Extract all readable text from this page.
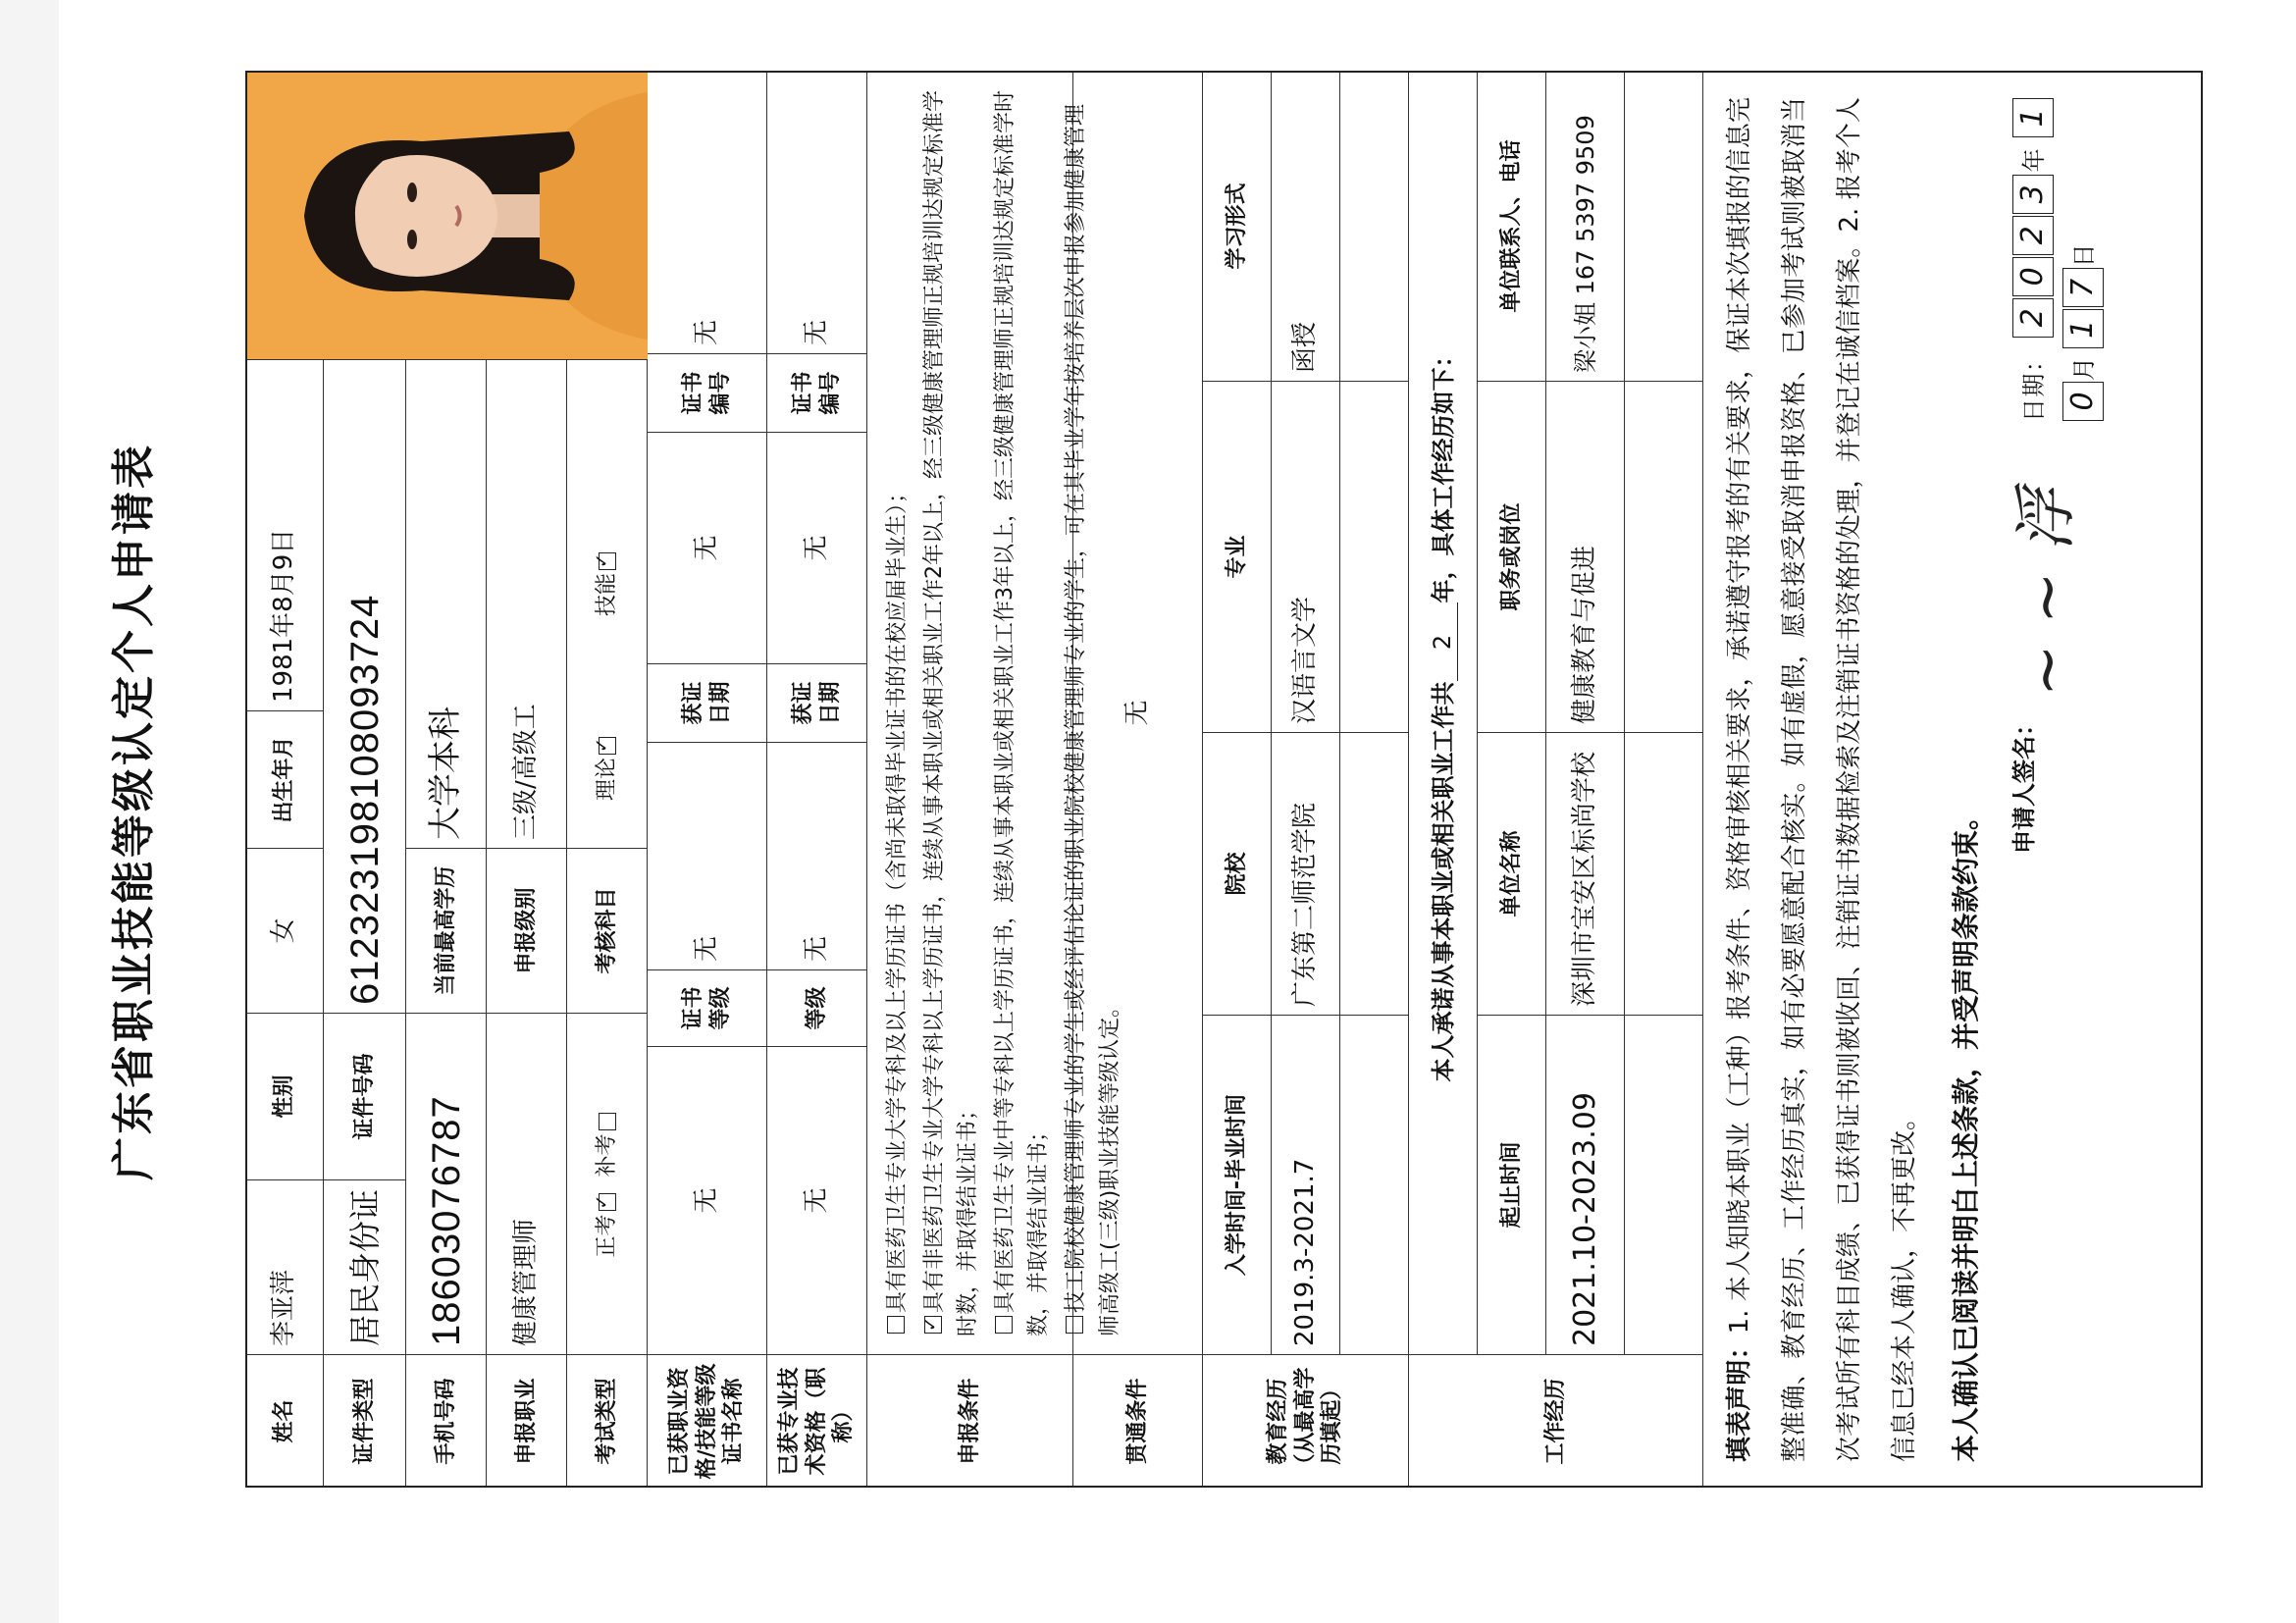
广东省职业技能等级认定个人申请表
姓名
李亚萍
性别
女
出生年月
1981年8月9日
证件类型
居民身份证
证件号码
612323198108093724
手机号码
18603076787
当前最高学历
大学本科
申报职业
健康管理师
申报级别
三级/高级工
考试类型
正考
✓

补考
考核科目
理论
✓
技能
✓
已获职业资格/技能等级证书名称
无
证书等级
无
获证日期
无
证书编号
无
已获专业技术资格（职称）
无
等级
无
获证日期
无
证书编号
无
申报条件

具有医药卫生专业大学专科及以上学历证书（含尚未取得毕业证书的在校应届毕业生）；

✓ 具有非医药卫生专业大学专科以上学历证书，连续从事本职业或相关职业工作2年以上，经三级健康管理师正规培训达规定标准学时数，并取得结业证书； 具有医药卫生专业中等专科以上学历证书，连续从事本职业或相关职业工作3年以上，经三级健康管理师正规培训达规定标准学时数，并取得结业证书； 技工院校健康管理师专业的学生或经评估论证的职业院校健康管理师专业的学生，可在其毕业学年按培养层次申报参加健康管理师高级工(三级)职业技能等级认定。

贯通条件
无
教育经历（从最高学历填起）
入学时间-毕业时间
院校
专业
学习形式
2019.3-2021.7
广东第二师范学院
汉语言文学
函授
工作经历
本人承诺从事本职业或相关职业工作共
2
年，具体工作经历如下：
起止时间
单位名称
职务或岗位
单位联系人、电话
2021.10-2023.09
深圳市宝安区标尚学校
健康教育与促进
梁小姐 167 5397 9509
填表声明：1. 本人知晓本职业（工种）报考条件、资格审核相关要求，承诺遵守报考的有关要求，保证本次填报的信息完整准确、教育经历、工作经历真实，如有必要愿意配合核实。如有虚假，愿意接受取消申报资格、已参加考试则被取消当次考试所有科目成绩、已获得证书则被收回、注销证书数据检索及注销证书资格的处理，并登记在诚信档案。2. 报考个人信息已经本人确认，不再更改。	本人确认已阅读并明白上述条款，并受声明条款约束。
申请人签名：
~ ~ 浮
日期： 2023年 10月 17日
